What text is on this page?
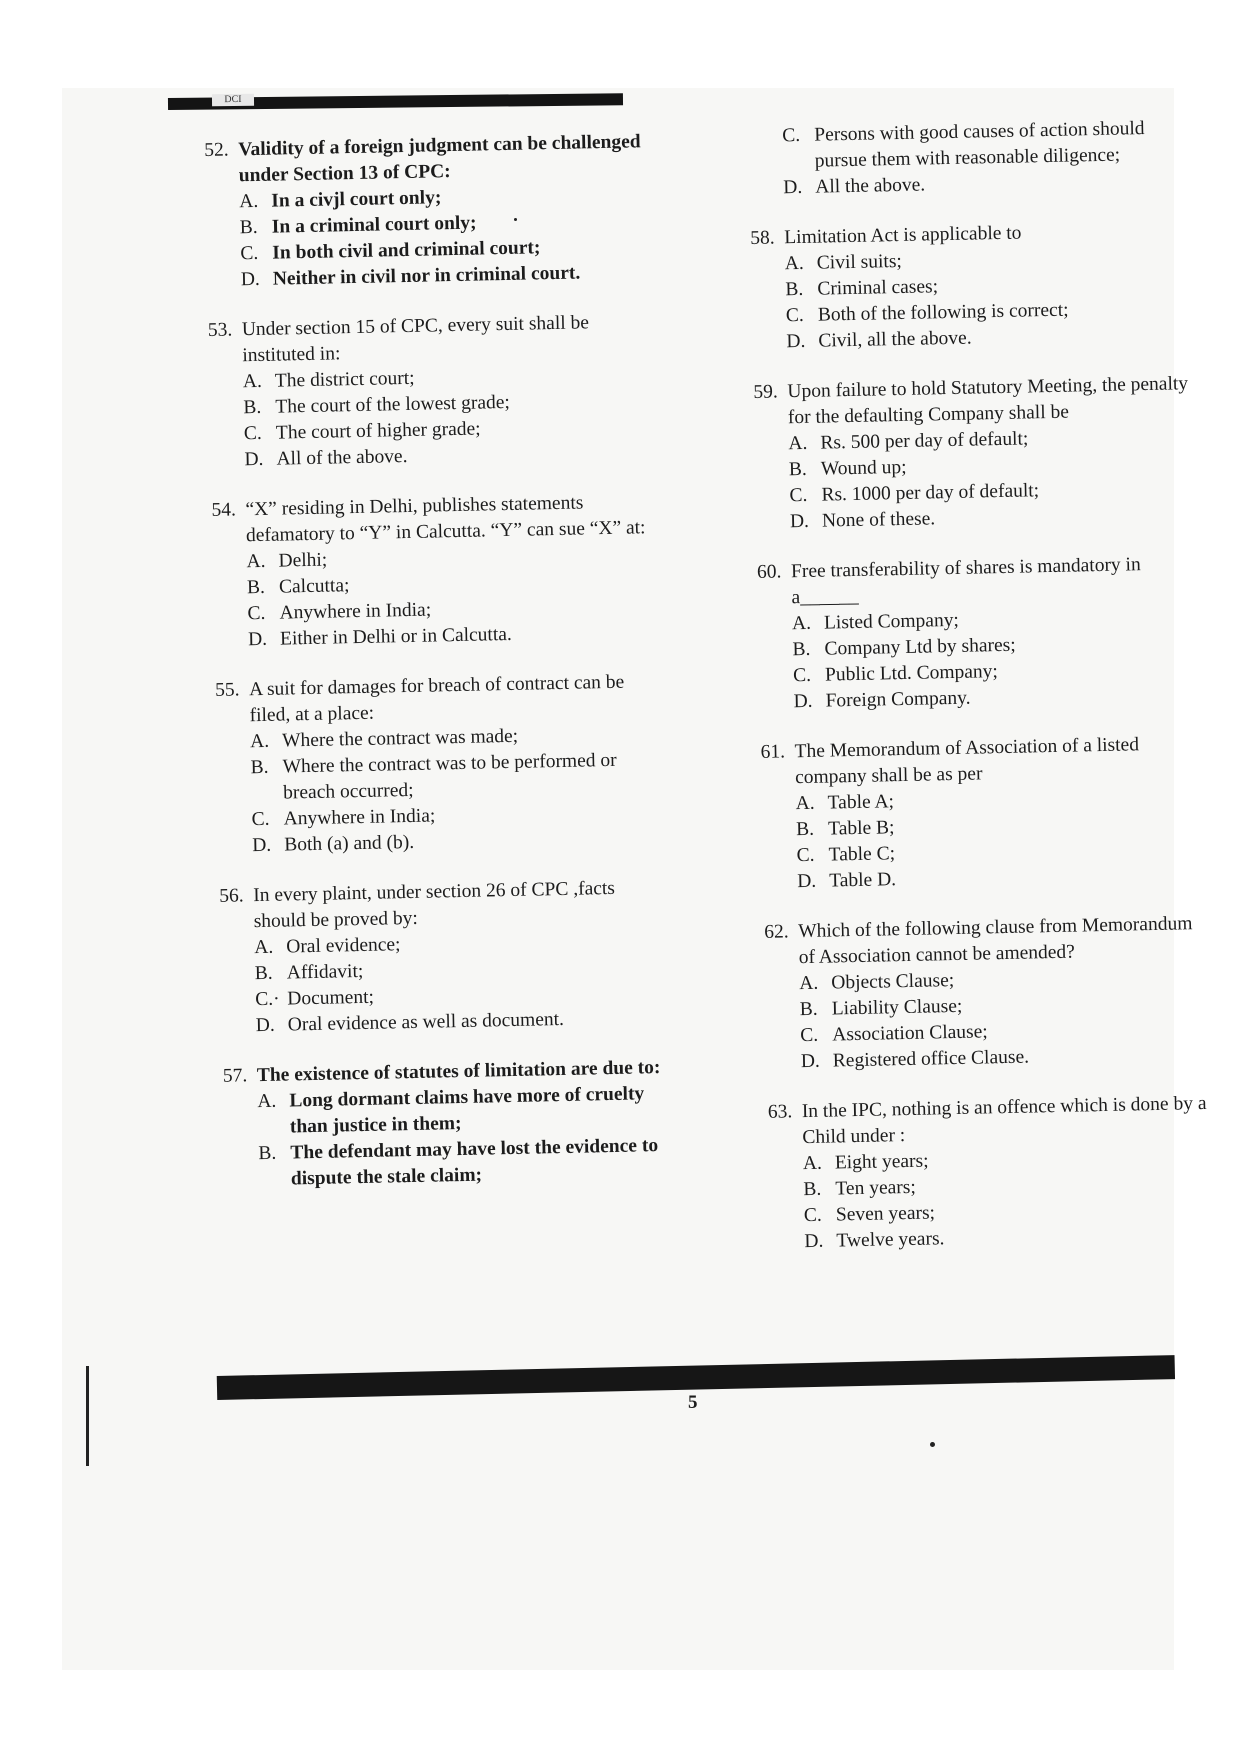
DCI
52. Validity of a foreign judgment can be challenged under Section 13 of CPC:
A. In a civjl court only;
B. In a criminal court only;
C. In both civil and criminal court;
D. Neither in civil nor in criminal court.
53. Under section 15 of CPC, every suit shall be instituted in:
A. The district court;
B. The court of the lowest grade;
C. The court of higher grade;
D. All of the above.
54. “X” residing in Delhi, publishes statements defamatory to “Y” in Calcutta. “Y” can sue “X” at:
A. Delhi;
B. Calcutta;
C. Anywhere in India;
D. Either in Delhi or in Calcutta.
55. A suit for damages for breach of contract can be filed, at a place:
A. Where the contract was made;
B. Where the contract was to be performed or breach occurred;
C. Anywhere in India;
D. Both (a) and (b).
56. In every plaint, under section 26 of CPC ,facts should be proved by:
A. Oral evidence;
B. Affidavit;
C.· Document;
D. Oral evidence as well as document.
57. The existence of statutes of limitation are due to:
A. Long dormant claims have more of cruelty than justice in them;
B. The defendant may have lost the evidence to dispute the stale claim;
C. Persons with good causes of action should pursue them with reasonable diligence;
D. All the above.
58. Limitation Act is applicable to
A. Civil suits;
B. Criminal cases;
C. Both of the following is correct;
D. Civil, all the above.
59. Upon failure to hold Statutory Meeting, the penalty for the defaulting Company shall be
A. Rs. 500 per day of default;
B. Wound up;
C. Rs. 1000 per day of default;
D. None of these.
60. Free transferability of shares is mandatory in a______
A. Listed Company;
B. Company Ltd by shares;
C. Public Ltd. Company;
D. Foreign Company.
61. The Memorandum of Association of a listed company shall be as per
A. Table A;
B. Table B;
C. Table C;
D. Table D.
62. Which of the following clause from Memorandum of Association cannot be amended?
A. Objects Clause;
B. Liability Clause;
C. Association Clause;
D. Registered office Clause.
63. In the IPC, nothing is an offence which is done by a Child under :
A. Eight years;
B. Ten years;
C. Seven years;
D. Twelve years.
5
